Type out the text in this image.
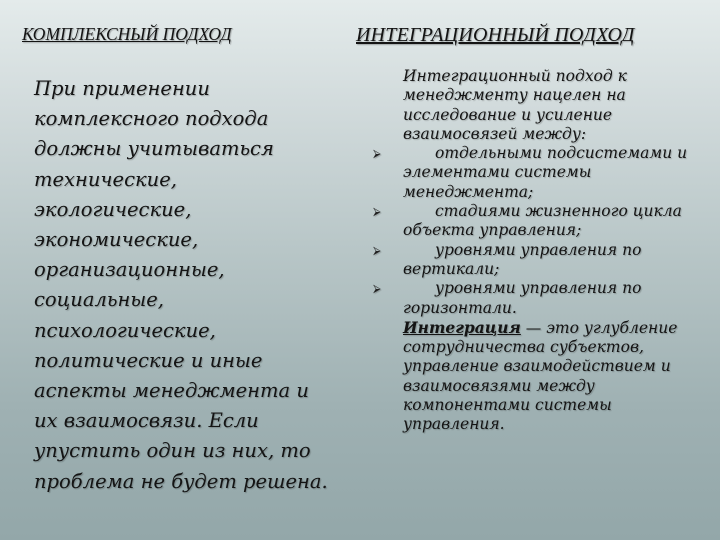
КОМПЛЕКСНЫЙ ПОДХОД	ИНТЕГРАЦИОННЫЙ ПОДХОД
При применении
комплексного подхода
должны учитываться
технические,
экологические,
экономические,
организационные,
социальные,
психологические,
политические и иные
аспекты менеджмента и
их взаимосвязи. Если
упустить один из них, то
проблема не будет решена.
Интеграционный подход к
менеджменту нацелен на
исследование и усиление
взаимосвязей между:
⮚	отдельными подсистемами и
элементами системы
менеджмента;
⮚	стадиями жизненного цикла
объекта управления;
⮚	уровнями управления по
вертикали;
⮚	уровнями управления по
горизонтали.
Интеграция — это углубление
сотрудничества субъектов,
управление взаимодействием и
взаимосвязями между
компонентами системы
управления.
